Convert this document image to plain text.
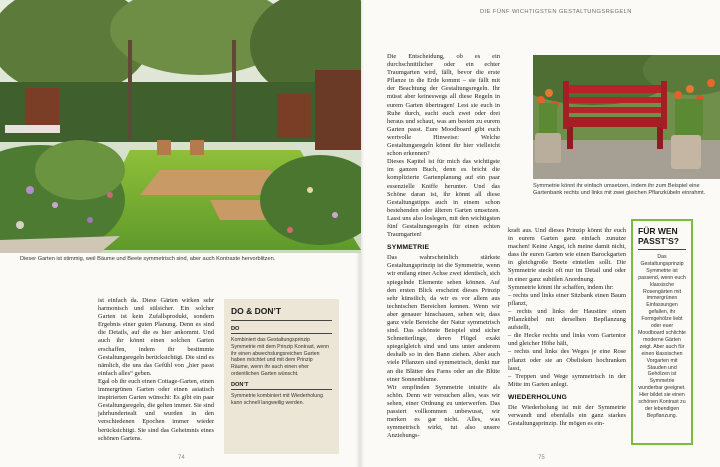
Dieser Garten ist stimmig, weil Bäume und Beete symmetrisch sind, aber auch Kontraste hervorblitzen.

ist einfach da. Diese Gärten wirken sehr harmonisch und stilsicher. Ein solcher Garten ist kein Zufallsprodukt, sondern Ergebnis einer guten Planung. Denn es sind die Details, auf die es hier ankommt. Und auch ihr könnt einen solchen Garten erschaffen, indem ihr bestimmte Gestaltungsregeln berücksichtigt. Die sind es nämlich, die uns das Gefühl von „hier passt einfach alles“ geben.

Egal ob ihr euch einen Cottage-Garten, einen immergrünen Garten oder einen asiatisch inspirierten Garten wünscht: Es gibt ein paar Gestaltungsregeln, die gelten immer. Sie sind jahrhundertealt und wurden in den verschiedenen Epochen immer wieder berücksichtigt. Sie sind das Geheimnis eines schönen Gartens.

DO & DON’T
DO
Kombiniert das Gestaltungsprinzip Symmetrie mit dem Prinzip Kontrast, wenn ihr einen abwechslungsreichen Garten haben möchtet und mit dem Prinzip Räume, wenn ihr auch einen eher ordentlichen Garten wünscht.
DON’T
Symmetrie kombiniert mit Wiederholung kann schnell langweilig werden.
74

Die Entscheidung, ob es ein durchschnittlicher oder ein echter Traumgarten wird, fällt, bevor die erste Pflanze in die Erde kommt – sie fällt mit der Beachtung der Gestaltungsregeln. Ihr müsst aber keineswegs all diese Regeln in eurem Garten übertragen! Lest sie euch in Ruhe durch, sucht euch zwei oder drei heraus und schaut, was am besten zu eurem Garten passt. Eure Moodboard gibt euch wertvolle Hinweise: Welche Gestaltungsregeln könnt ihr hier vielleicht schon erkennen?

Dieses Kapitel ist für mich das wichtigste im ganzen Buch, denn es bricht die komplizierte Gartenplanung auf ein paar essenzielle Kniffe herunter. Und das Schöne daran ist, ihr könnt all diese Gestaltungstipps auch in einem schon bestehenden oder älteren Garten umsetzen. Lasst uns also loslegen, mit den wichtigsten fünf Gestaltungsregeln für einen echten Traumgarten!

SYMMETRIE

Das wahrscheinlich stärkste Gestaltungsprinzip ist die Symmetrie, wenn wir entlang einer Achse zwei identisch, sich spiegelnde Elemente sehen können. Auf den ersten Blick erscheint dieses Prinzip sehr künstlich, da wir es vor allem aus technischen Bereichen kennen. Wenn wir aber genauer hinschauen, sehen wir, dass ganz viele Bereiche der Natur symmetrisch sind. Das schönste Beispiel sind sicher Schmetterlinge, deren Flügel exakt spiegelgleich sind und uns unter anderem deshalb so in den Bann ziehen. Aber auch viele Pflanzen sind symmetrisch, denkt nur an die Blätter des Farns oder an die Blüte einer Sonnenblume.

Wir empfinden Symmetrie intuitiv als schön. Denn wir versuchen alles, was wir sehen, einer Ordnung zu unterwerfen. Das passiert vollkommen unbewusst, wir merken es gar nicht. Alles, was symmetrisch wirkt, tut also unsere Anziehungs-

DIE FÜNF WICHTIGSTEN GESTALTUNGSREGELN
Symmetrie könnt ihr einfach umsetzen, indem ihr zum Beispiel eine Gartenbank rechts und links mit zwei gleichen Pflanzkübeln einrahmt.

kraft aus. Und dieses Prinzip könnt ihr euch in eurem Garten ganz einfach zunutze machen! Keine Angst, ich meine damit nicht, dass ihr euren Garten wie einen Barockgarten in gleichgroße Beete einteilen sollt. Die Symmetrie steckt oft nur im Detail und oder in einer ganz subtilen Anordnung.

Symmetrie könnt ihr schaffen, indem ihr:

– rechts und links einer Sitzbank einen Baum pflanzt,

– rechts und links der Haustüre einen Pflanzkübel mit derselben Bepflanzung aufstellt,

– die Hecke rechts und links vom Gartentor und gleicher Höhe hält,

– rechts und links des Weges je eine Rose pflanzt oder sie an Obelisken hochranken lasst,

– Treppen und Wege symmetrisch in der Mitte im Garten anlegt.

WIEDERHOLUNG

Die Wiederholung ist mit der Symmetrie verwandt und ebenfalls ein ganz starkes Gestaltungsprinzip. Ihr mögen es ein-

FÜR WEN PASST’S?
Das Gestaltungsprinzip Symmetrie ist passend, wenn euch klassische Rosengärten mit immergrünen Einfassungen gefallen, ihr Formgehölze liebt oder euer Moodboard schlichte moderne Gärten zeigt. Aber auch für einen klassischen Vorgarten mit Stauden und Gehölzen ist Symmetrie wunderbar geeignet. Hier bildet sie einen schönen Kontrast zu der lebendigen Bepflanzung.
75
